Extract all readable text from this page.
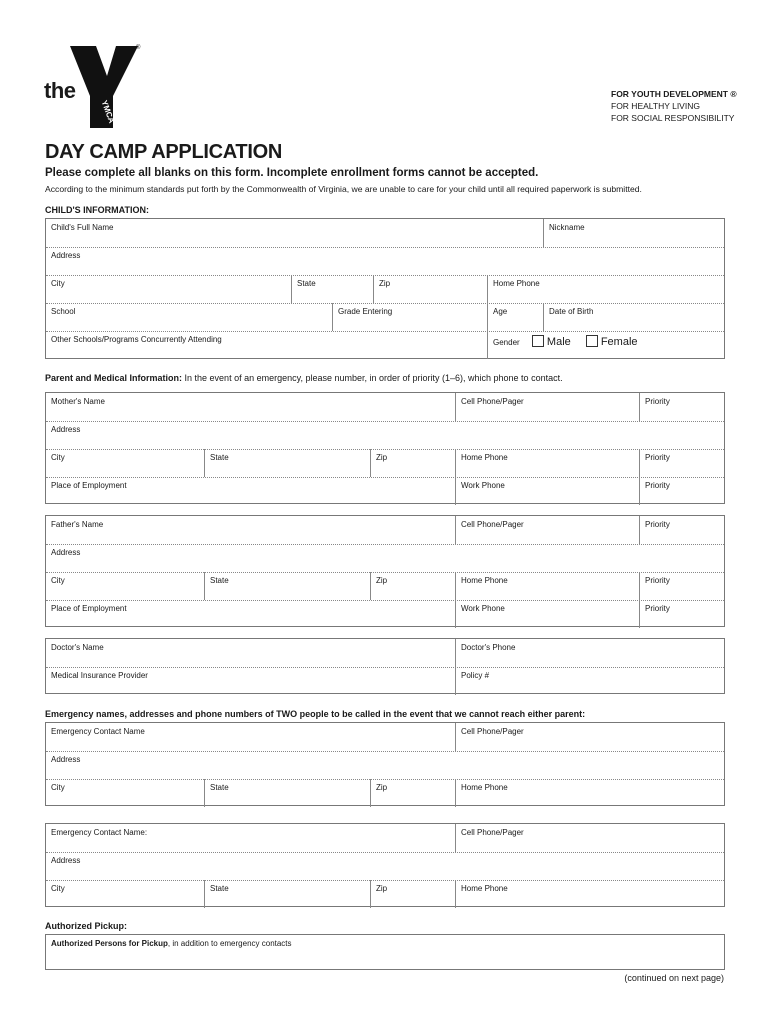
the
YMCA
®
FOR YOUTH DEVELOPMENT ®
FOR HEALTHY LIVING
FOR SOCIAL RESPONSIBILITY
DAY CAMP APPLICATION
Please complete all blanks on this form. Incomplete enrollment forms cannot be accepted.
According to the minimum standards put forth by the Commonwealth of Virginia, we are unable to care for your child until all required paperwork is submitted.
CHILD'S INFORMATION:
Child's Full Name	Nickname
Address
City	State	Zip	Home Phone
School	Grade Entering	Age	Date of Birth
Other Schools/Programs Concurrently Attending	Gender Male	Female
Parent and Medical Information: In the event of an emergency, please number, in order of priority (1–6), which phone to contact.
Mother's Name	Cell Phone/Pager	Priority
Address
City	State	Zip	Home Phone	Priority
Place of Employment	Work Phone	Priority
Father's Name	Cell Phone/Pager	Priority
Address
City	State	Zip	Home Phone	Priority
Place of Employment	Work Phone	Priority
Doctor's Name	Doctor's Phone
Medical Insurance Provider	Policy #
Emergency names, addresses and phone numbers of TWO people to be called in the event that we cannot reach either parent:
Emergency Contact Name	Cell Phone/Pager
Address
City	State	Zip	Home Phone
Emergency Contact Name:	Cell Phone/Pager
Address
City	State	Zip	Home Phone
Authorized Pickup:
Authorized Persons for Pickup, in addition to emergency contacts
(continued on next page)
